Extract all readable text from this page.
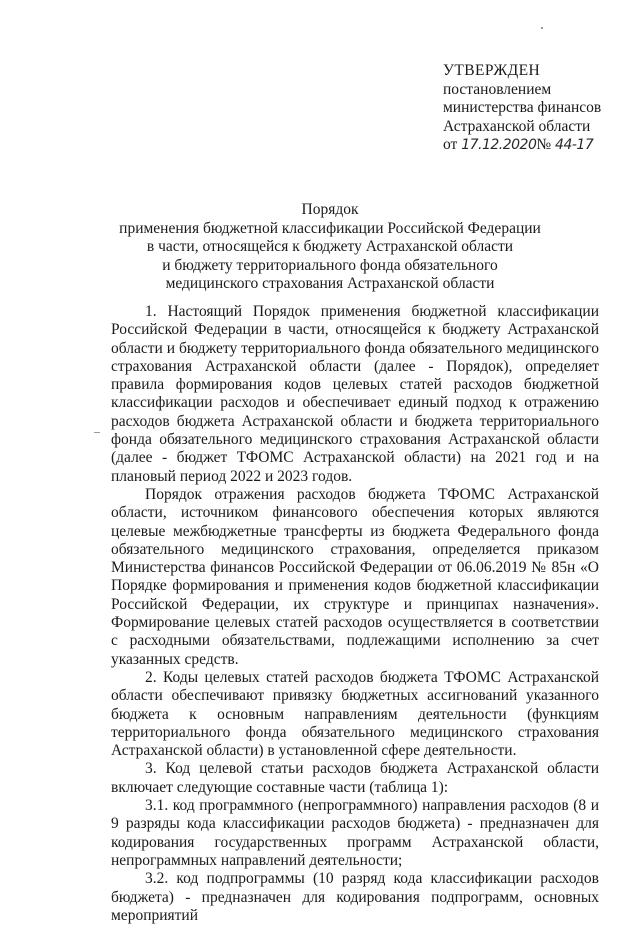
УТВЕРЖДЕН
постановлением
министерства финансов
Астраханской области
от 17.12.2020№ 44-17
Порядок
применения бюджетной классификации Российской Федерации
в части, относящейся к бюджету Астраханской области
и бюджету территориального фонда обязательного
медицинского страхования Астраханской области

1. Настоящий Порядок применения бюджетной классификации Российской Федерации в части, относящейся к бюджету Астраханской области и бюджету территориального фонда обязательного медицинского страхования Астраханской области (далее - Порядок), определяет правила формирования кодов целевых статей расходов бюджетной классификации расходов и обеспечивает единый подход к отражению расходов бюджета Астраханской области и бюджета территориального фонда обязательного медицинского страхования Астраханской области (далее - бюджет ТФОМС Астраханской области) на 2021 год и на плановый период 2022 и 2023 годов.

Порядок отражения расходов бюджета ТФОМС Астраханской области, источником финансового обеспечения которых являются целевые межбюджетные трансферты из бюджета Федерального фонда обязательного медицинского страхования, определяется приказом Министерства финансов Российской Федерации от 06.06.2019 № 85н «О Порядке формирования и применения кодов бюджетной классификации Российской Федерации, их структуре и принципах назначения». Формирование целевых статей расходов осуществляется в соответствии с расходными обязательствами, подлежащими исполнению за счет указанных средств.

2. Коды целевых статей расходов бюджета ТФОМС Астраханской области обеспечивают привязку бюджетных ассигнований указанного бюджета к основным направлениям деятельности (функциям территориального фонда обязательного медицинского страхования Астраханской области) в установленной сфере деятельности.

3. Код целевой статьи расходов бюджета Астраханской области включает следующие составные части (таблица 1):

3.1. код программного (непрограммного) направления расходов (8 и 9 разряды кода классификации расходов бюджета) - предназначен для кодирования государственных программ Астраханской области, непрограммных направлений деятельности;

3.2. код подпрограммы (10 разряд кода классификации расходов бюджета) - предназначен для кодирования подпрограмм, основных мероприятий
